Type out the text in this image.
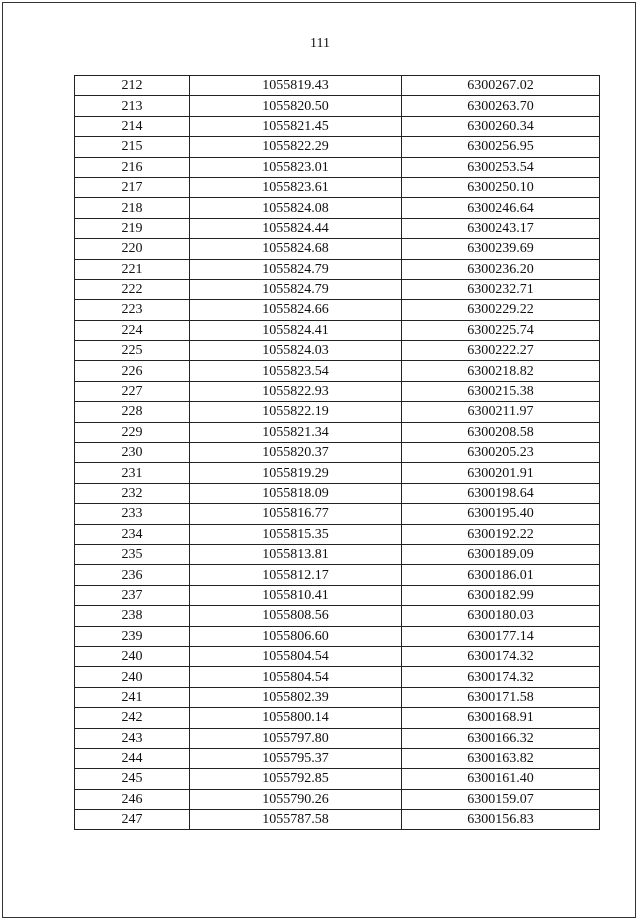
111
212	1055819.43	6300267.02
213	1055820.50	6300263.70
214	1055821.45	6300260.34
215	1055822.29	6300256.95
216	1055823.01	6300253.54
217	1055823.61	6300250.10
218	1055824.08	6300246.64
219	1055824.44	6300243.17
220	1055824.68	6300239.69
221	1055824.79	6300236.20
222	1055824.79	6300232.71
223	1055824.66	6300229.22
224	1055824.41	6300225.74
225	1055824.03	6300222.27
226	1055823.54	6300218.82
227	1055822.93	6300215.38
228	1055822.19	6300211.97
229	1055821.34	6300208.58
230	1055820.37	6300205.23
231	1055819.29	6300201.91
232	1055818.09	6300198.64
233	1055816.77	6300195.40
234	1055815.35	6300192.22
235	1055813.81	6300189.09
236	1055812.17	6300186.01
237	1055810.41	6300182.99
238	1055808.56	6300180.03
239	1055806.60	6300177.14
240	1055804.54	6300174.32
240	1055804.54	6300174.32
241	1055802.39	6300171.58
242	1055800.14	6300168.91
243	1055797.80	6300166.32
244	1055795.37	6300163.82
245	1055792.85	6300161.40
246	1055790.26	6300159.07
247	1055787.58	6300156.83
